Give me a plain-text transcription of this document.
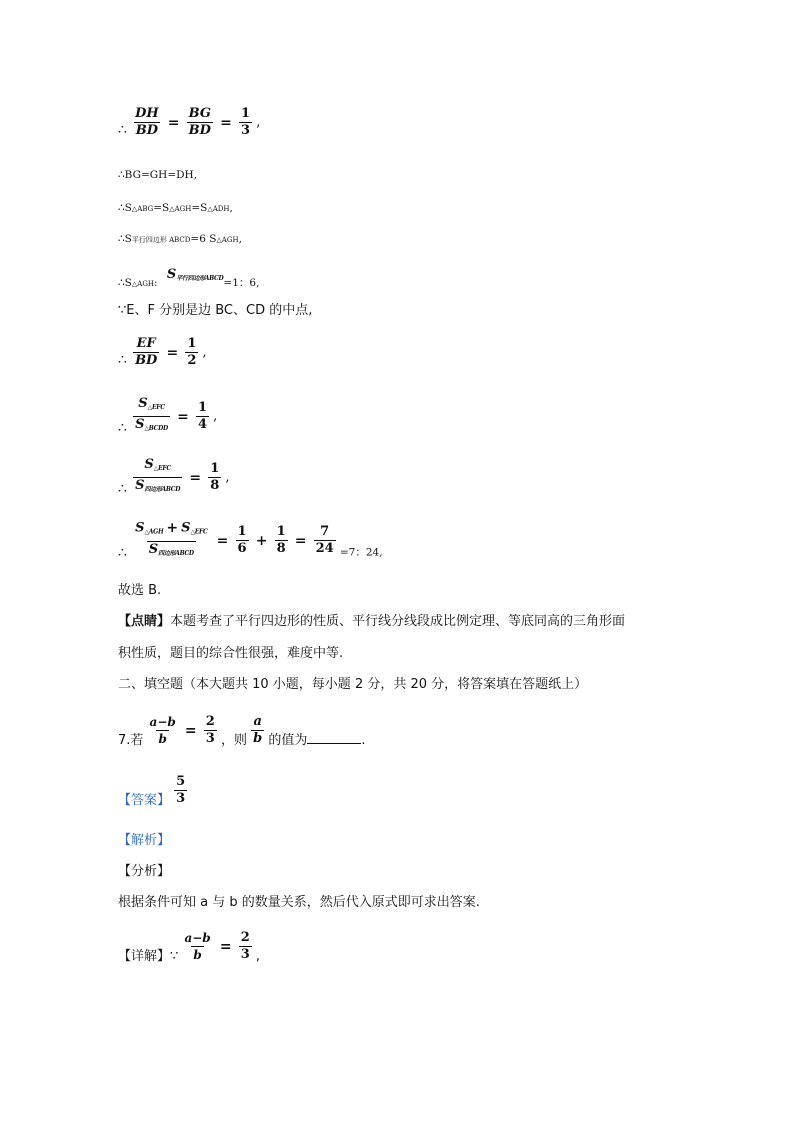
∴ $\frac{DH}{BD} = \frac{BG}{BD} = \frac{1}{3}$ ,
∴BG=GH=DH,
∴S△ABG=S△AGH=S△ADH,
∴S平行四边形 ABCD=6 S△AGH,
∴S△AGH: S平行四边形ABCD=1：6,
∵E、F 分别是边 BC、CD 的中点,
∴ $\frac{EF}{BD} = \frac{1}{2}$ ,
∴ $\frac{\text{S△EFC}}{\text{S△BCDD}} = \frac{1}{4}$ ,
∴ $\frac{\text{S△EFC}}{\text{S四边形ABCD}} = \frac{1}{8}$ ,
∴ $\frac{\text{S△AGH + S△EFC}}{\text{S四边形ABCD}} = \frac{1}{6} + \frac{1}{8} = \frac{7}{24} =7$：24,
故选 B.
【点睛】本题考查了平行四边形的性质、平行线分线段成比例定理、等底同高的三角形面
积性质，题目的综合性很强，难度中等.
二、填空题（本大题共 10 小题，每小题 2 分，共 20 分，将答案填在答题纸上）
7.若 $\frac{a-b}{b} = \frac{2}{3}$ ，则 $\frac{a}{b}$ 的值为	.
【答案】 $\frac{5}{3}$
【解析】
【分析】
根据条件可知 a 与 b 的数量关系，然后代入原式即可求出答案.
【详解】∵ $\frac{a-b}{b} = \frac{2}{3}$ ,
